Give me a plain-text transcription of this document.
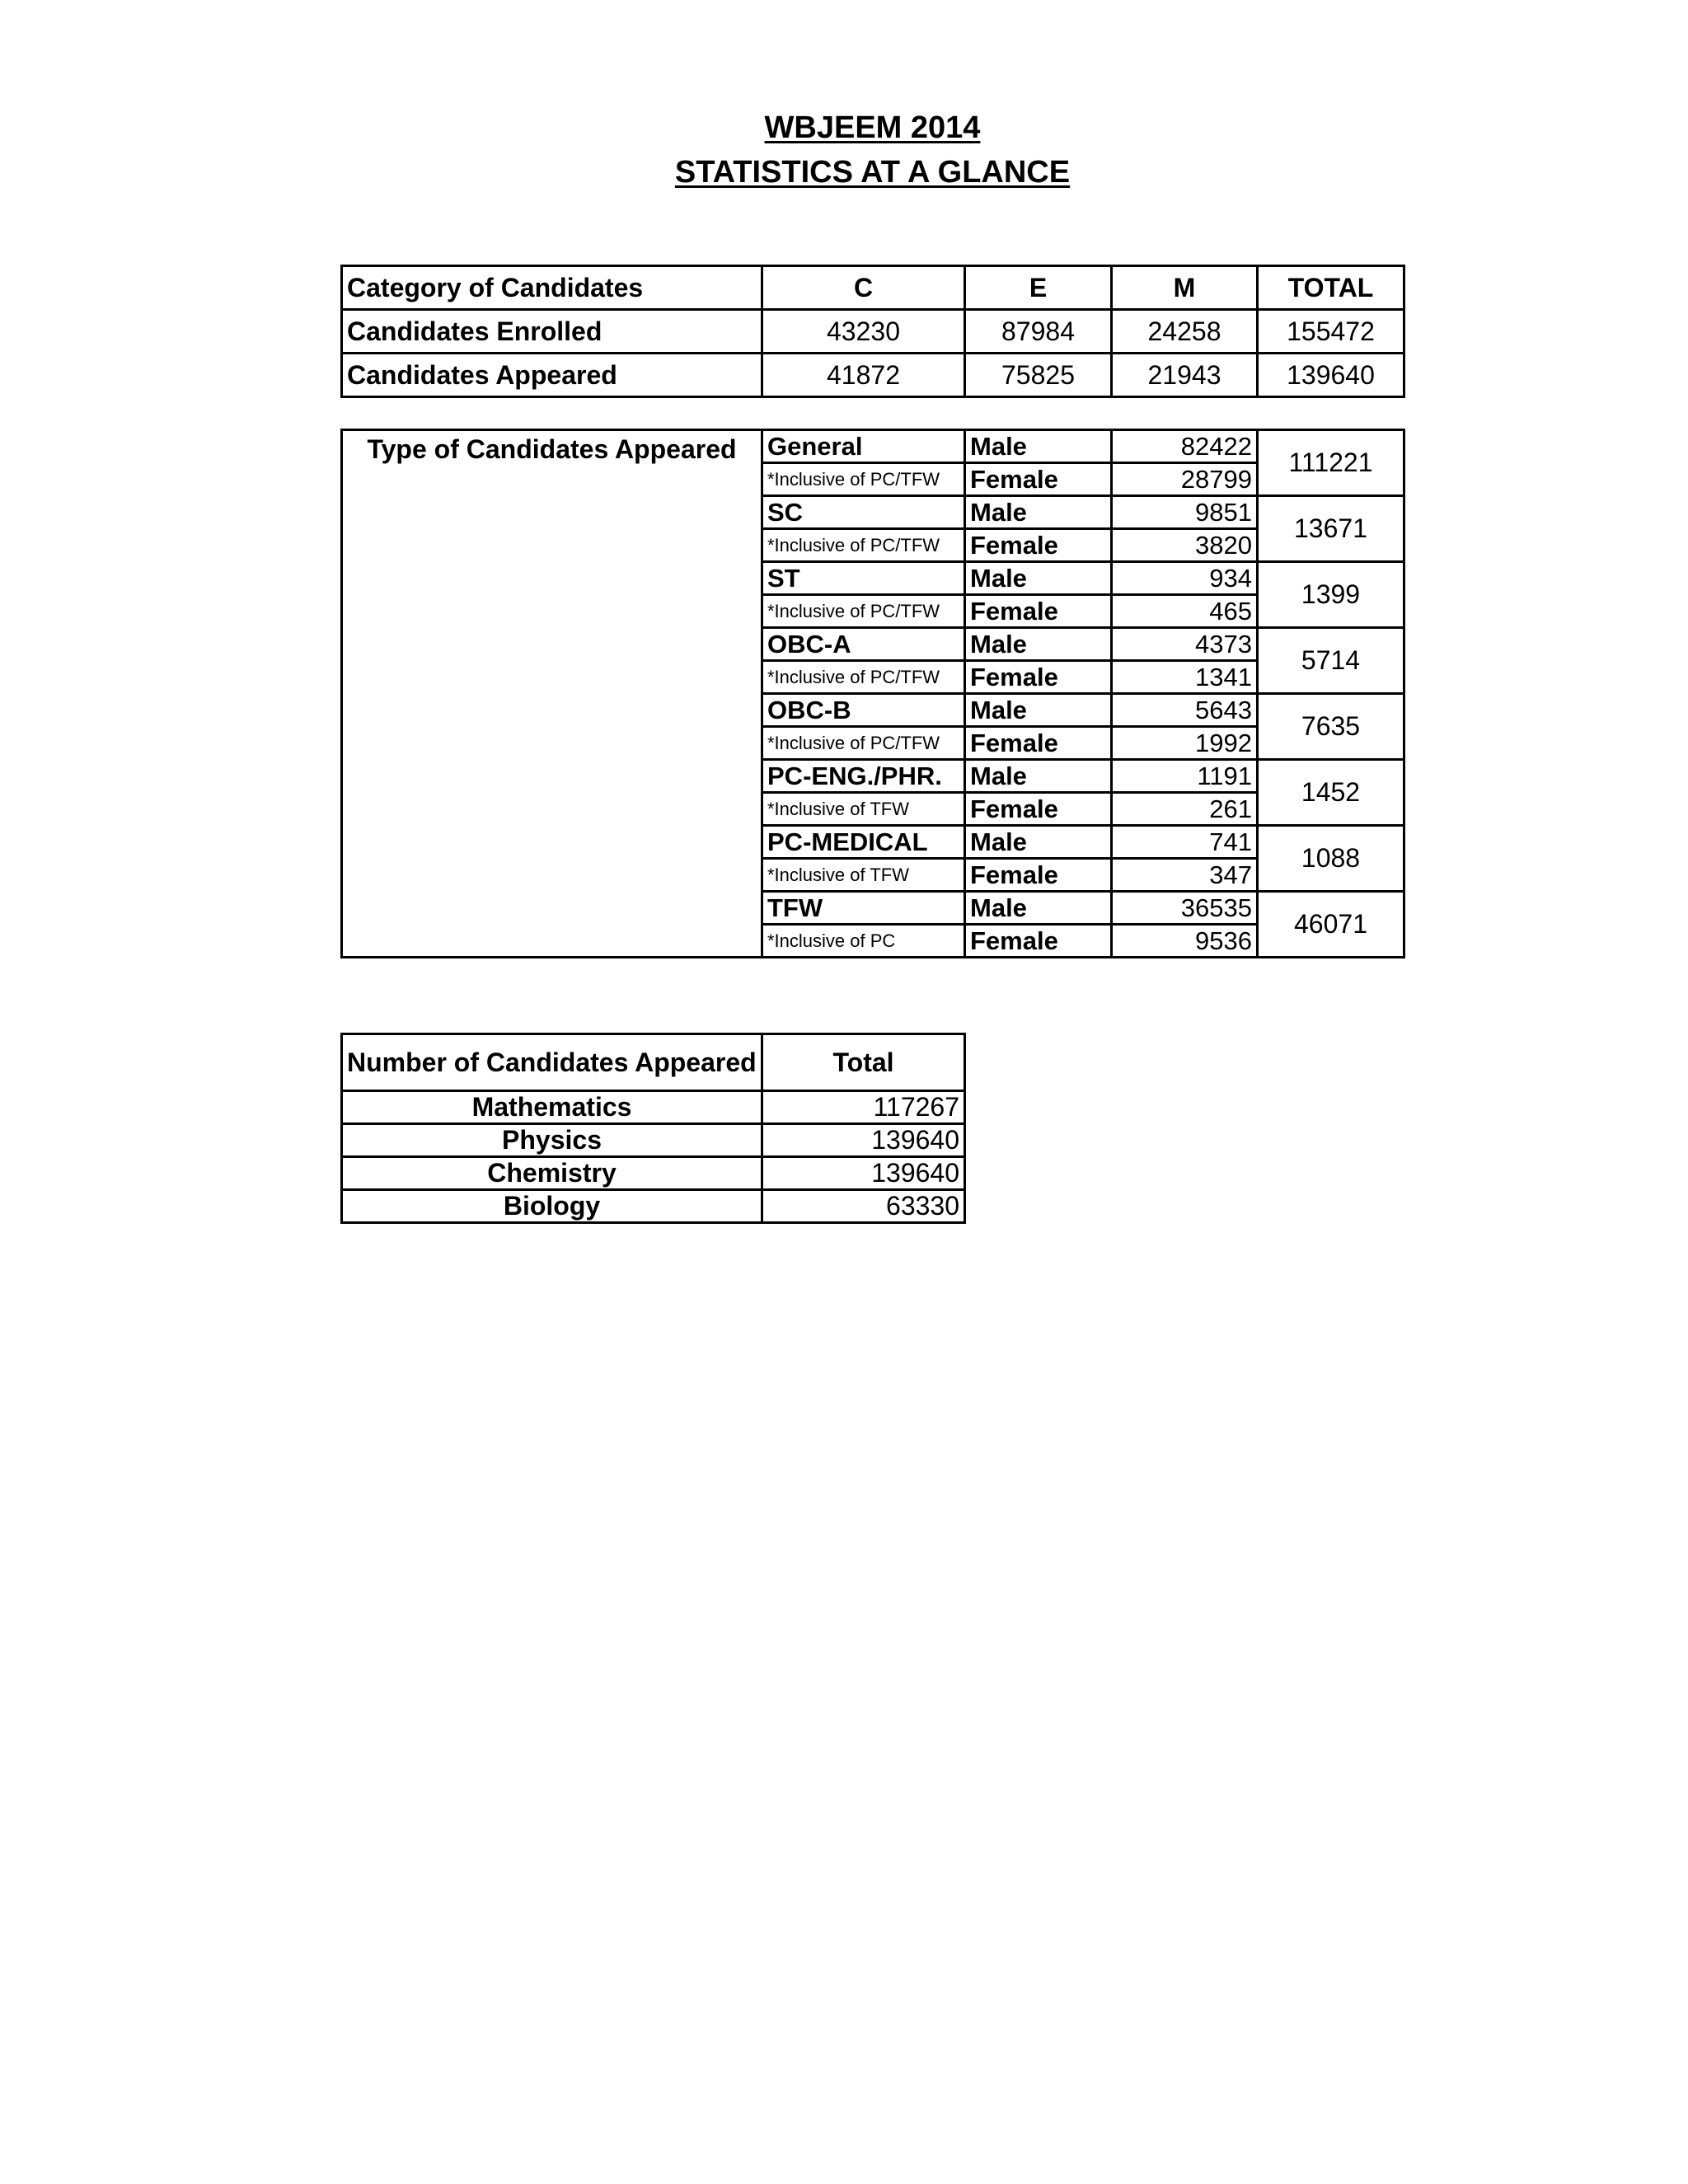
WBJEEM 2014
STATISTICS AT A GLANCE
Category of Candidates	C	E	M	TOTAL
Candidates Enrolled	43230	87984	24258	155472
Candidates Appeared	41872	75825	21943	139640
Type of Candidates Appeared	General	Male	82422	111221
	*Inclusive of PC/TFW	Female	28799	
	SC	Male	9851	13671
	*Inclusive of PC/TFW	Female	3820	
	ST	Male	934	1399
	*Inclusive of PC/TFW	Female	465	
	OBC-A	Male	4373	5714
	*Inclusive of PC/TFW	Female	1341	
	OBC-B	Male	5643	7635
	*Inclusive of PC/TFW	Female	1992	
	PC-ENG./PHR.	Male	1191	1452
	*Inclusive of TFW	Female	261	
	PC-MEDICAL	Male	741	1088
	*Inclusive of TFW	Female	347	
	TFW	Male	36535	46071
	*Inclusive of PC	Female	9536	
Number of Candidates Appeared	Total
Mathematics	117267
Physics	139640
Chemistry	139640
Biology	63330
